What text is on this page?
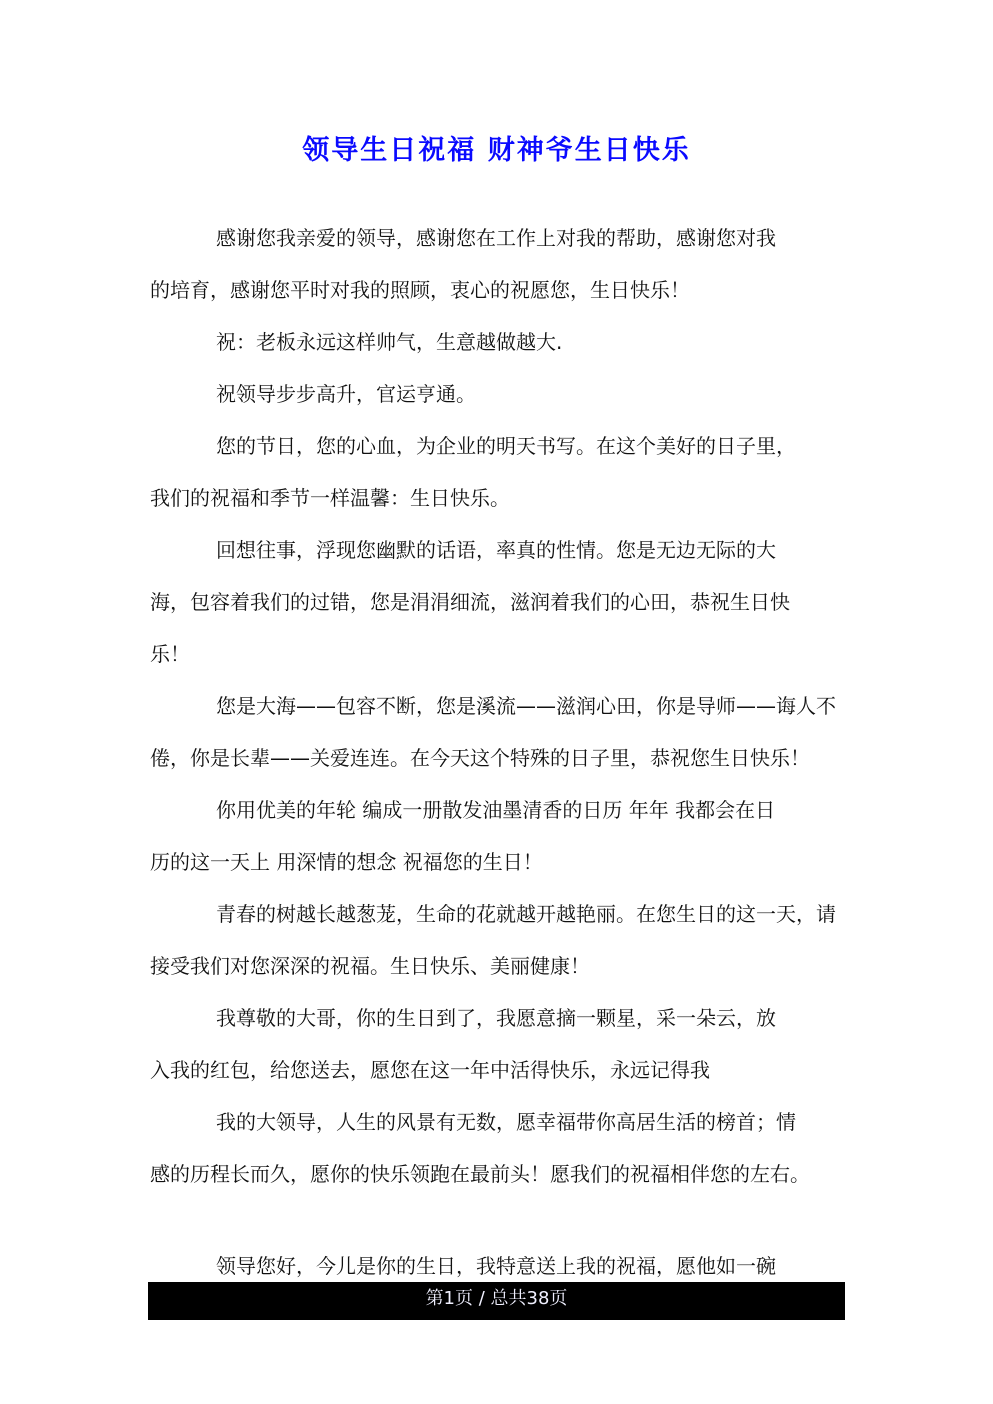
领导生日祝福 财神爷生日快乐
感谢您我亲爱的领导，感谢您在工作上对我的帮助，感谢您对我
的培育，感谢您平时对我的照顾，衷心的祝愿您，生日快乐！
祝：老板永远这样帅气，生意越做越大.
祝领导步步高升，官运亨通。
您的节日，您的心血，为企业的明天书写。在这个美好的日子里，
我们的祝福和季节一样温馨：生日快乐。
回想往事，浮现您幽默的话语，率真的性情。您是无边无际的大
海，包容着我们的过错，您是涓涓细流，滋润着我们的心田，恭祝生日快
乐！
您是大海——包容不断，您是溪流——滋润心田，你是导师——诲人不
倦，你是长辈——关爱连连。在今天这个特殊的日子里，恭祝您生日快乐！
你用优美的年轮 编成一册散发油墨清香的日历 年年 我都会在日
历的这一天上 用深情的想念 祝福您的生日！
青春的树越长越葱茏，生命的花就越开越艳丽。在您生日的这一天，请
接受我们对您深深的祝福。生日快乐、美丽健康！
我尊敬的大哥，你的生日到了，我愿意摘一颗星，采一朵云，放
入我的红包，给您送去，愿您在这一年中活得快乐，永远记得我
我的大领导，人生的风景有无数，愿幸福带你高居生活的榜首；情
感的历程长而久，愿你的快乐领跑在最前头！愿我们的祝福相伴您的左右。
领导您好，今儿是你的生日，我特意送上我的祝福，愿他如一碗
第1页 / 总共38页
